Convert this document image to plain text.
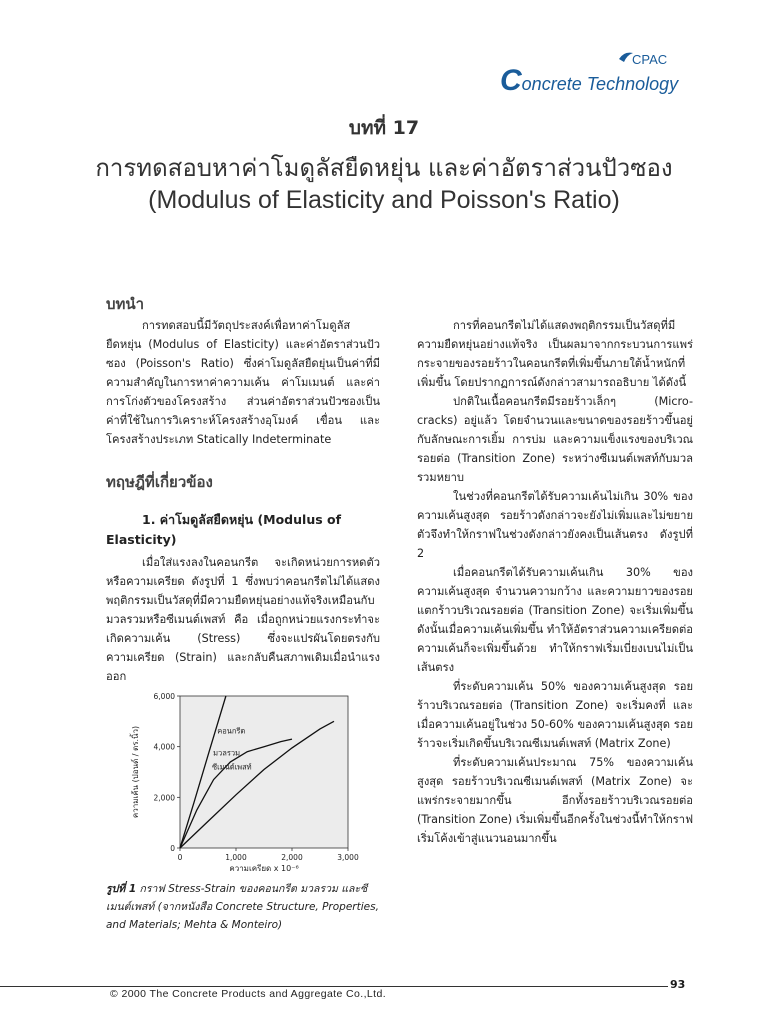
CPAC
Concrete Technology
บทที่ 17
การทดสอบหาค่าโมดูลัสยืดหยุ่น และค่าอัตราส่วนปัวซอง
(Modulus of Elasticity and Poisson's Ratio)
บทนำ
การทดสอบนี้มีวัตถุประสงค์เพื่อหาค่าโมดูลัสยืดหยุ่น (Modulus of Elasticity) และค่าอัตราส่วนปัวซอง (Poisson's Ratio) ซึ่งค่าโมดูลัสยืดยุ่นเป็นค่าที่มีความสำคัญในการหาค่าความเค้น ค่าโมเมนต์ และค่าการโก่งตัวของโครงสร้าง ส่วนค่าอัตราส่วนปัวซองเป็นค่าที่ใช้ในการวิเคราะห์โครงสร้างอุโมงค์ เขื่อน และโครงสร้างประเภท Statically Indeterminate
ทฤษฎีที่เกี่ยวข้อง
1. ค่าโมดูลัสยืดหยุ่น (Modulus of Elasticity)
เมื่อใส่แรงลงในคอนกรีต จะเกิดหน่วยการหดตัวหรือความเครียด ดังรูปที่ 1 ซึ่งพบว่าคอนกรีตไม่ได้แสดงพฤติกรรมเป็นวัสดุที่มีความยืดหยุ่นอย่างแท้จริงเหมือนกับมวลรวมหรือซีเมนต์เพสท์ คือ เมื่อถูกหน่วยแรงกระทำจะเกิดความเค้น (Stress) ซึ่งจะแปรผันโดยตรงกับความเครียด (Strain) และกลับคืนสภาพเดิมเมื่อนำแรงออก
0
2,000
4,000
6,000
0	1,000	2,000	3,000
มวลรวม
คอนกรีต
ซีเมนต์เพสท์
ความเค้น (ปอนด์ / ตร.นิ้ว)
ความเครียด x 10⁻⁶
รูปที่ 1 กราฟ Stress-Strain ของคอนกรีต มวลรวม และซีเมนต์เพสท์ (จากหนังสือ Concrete Structure, Properties, and Materials; Mehta & Monteiro)
การที่คอนกรีตไม่ได้แสดงพฤติกรรมเป็นวัสดุที่มีความยืดหยุ่นอย่างแท้จริง เป็นผลมาจากกระบวนการแพร่กระจายของรอยร้าวในคอนกรีตที่เพิ่มขึ้นภายใต้น้ำหนักที่เพิ่มขึ้น โดยปรากฏการณ์ดังกล่าวสามารถอธิบาย ได้ดังนี้
ปกติในเนื้อคอนกรีตมีรอยร้าวเล็กๆ (Micro-cracks) อยู่แล้ว โดยจำนวนและขนาดของรอยร้าวขึ้นอยู่กับลักษณะการเยิ้ม การบ่ม และความแข็งแรงของบริเวณรอยต่อ (Transition Zone) ระหว่างซีเมนต์เพสท์กับมวลรวมหยาบ
ในช่วงที่คอนกรีตได้รับความเค้นไม่เกิน 30% ของความเค้นสูงสุด รอยร้าวดังกล่าวจะยังไม่เพิ่มและไม่ขยายตัวจึงทำให้กราฟในช่วงดังกล่าวยังคงเป็นเส้นตรง ดังรูปที่ 2
เมื่อคอนกรีตได้รับความเค้นเกิน 30% ของความเค้นสูงสุด จำนวนความกว้าง และความยาวของรอยแตกร้าวบริเวณรอยต่อ (Transition Zone) จะเริ่มเพิ่มขึ้น ดังนั้นเมื่อความเค้นเพิ่มขึ้น ทำให้อัตราส่วนความเครียดต่อความเค้นก็จะเพิ่มขึ้นด้วย ทำให้กราฟเริ่มเบี่ยงเบนไม่เป็นเส้นตรง
ที่ระดับความเค้น 50% ของความเค้นสูงสุด รอยร้าวบริเวณรอยต่อ (Transition Zone) จะเริ่มคงที่ และเมื่อความเค้นอยู่ในช่วง 50-60% ของความเค้นสูงสุด รอยร้าวจะเริ่มเกิดขึ้นบริเวณซีเมนต์เพสท์ (Matrix Zone)
ที่ระดับความเค้นประมาณ 75% ของความเค้นสูงสุด รอยร้าวบริเวณซีเมนต์เพสท์ (Matrix Zone) จะแพร่กระจายมากขึ้น อีกทั้งรอยร้าวบริเวณรอยต่อ (Transition Zone) เริ่มเพิ่มขึ้นอีกครั้งในช่วงนี้ทำให้กราฟเริ่มโค้งเข้าสู่แนวนอนมากขึ้น
93
© 2000 The Concrete Products and Aggregate Co.,Ltd.
